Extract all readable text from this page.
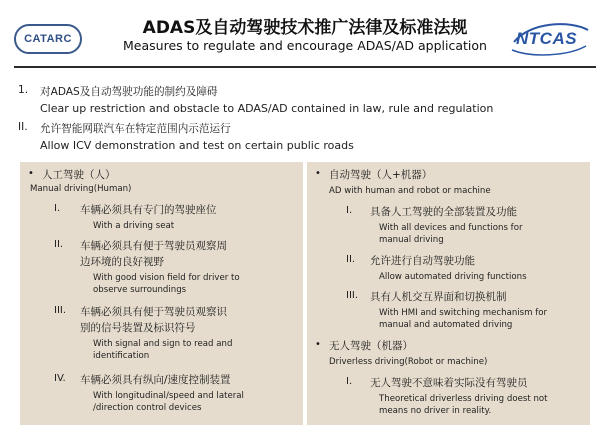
CATARC
ADAS及自动驾驶技术推广法律及标准法规
Measures to regulate and encourage ADAS/AD application	NTCAS
1. 对ADAS及自动驾驶功能的制约及障碍
Clear up restriction and obstacle to ADAS/AD contained in law, rule and regulation
II. 允许智能网联汽车在特定范围内示范运行
Allow ICV demonstration and test on certain public roads
• 人工驾驶（人）
Manual driving(Human)
I. 车辆必须具有专门的驾驶座位
With a driving seat
II. 车辆必须具有便于驾驶员观察周
边环境的良好视野
With good vision field for driver to
observe surroundings
III. 车辆必须具有便于驾驶员观察识
别的信号装置及标识符号
With signal and sign to read and
identification
IV. 车辆必须具有纵向/速度控制装置
With longitudinal/speed and lateral
/direction control devices
• 自动驾驶（人+机器）
AD with human and robot or machine
I. 具备人工驾驶的全部装置及功能
With all devices and functions for
manual driving
II. 允许进行自动驾驶功能
Allow automated driving functions
III. 具有人机交互界面和切换机制
With HMI and switching mechanism for
manual and automated driving
• 无人驾驶（机器）
Driverless driving(Robot or machine)
I. 无人驾驶不意味着实际没有驾驶员
Theoretical driverless driving doest not
means no driver in reality.
